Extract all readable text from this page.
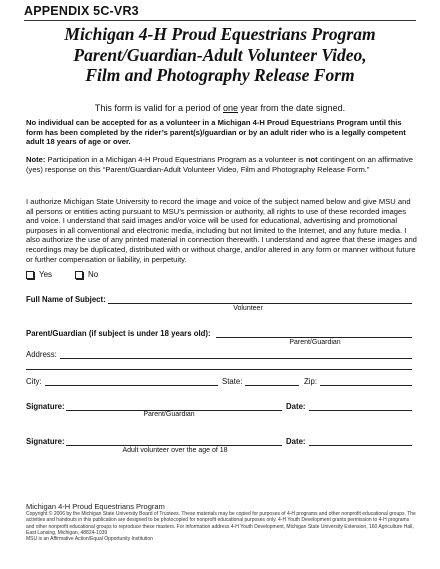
APPENDIX 5C-VR3
Michigan 4-H Proud Equestrians Program
Parent/Guardian-Adult Volunteer Video,
Film and Photography Release Form
This form is valid for a period of one year from the date signed.
No individual can be accepted for as a volunteer in a Michigan 4-H Proud Equestrians Program until this form has been completed by the rider’s parent(s)/guardian or by an adult rider who is a legally competent adult 18 years of age or over.
Note: Participation in a Michigan 4-H Proud Equestrians Program as a volunteer is not contingent on an affirmative (yes) response on this “Parent/Guardian-Adult Volunteer Video, Film and Photography Release Form.”
I authorize Michigan State University to record the image and voice of the subject named below and give MSU and all persons or entities acting pursuant to MSU’s permission or authority, all rights to use of these recorded images and voice. I understand that said images and/or voice will be used for educational, advertising and promotional purposes in all conventional and electronic media, including but not limited to the Internet, and any future media. I also authorize the use of any printed material in connection therewith. I understand and agree that these images and recordings may be duplicated, distributed with or without charge, and/or altered in any form or manner without future or further compensation or liability, in perpetuity.
Yes	No
Full Name of Subject:
Volunteer
Parent/Guardian (if subject is under 18 years old):
Parent/Guardian
Address:
City:	State:	Zip:
Signature:	Date:
Parent/Guardian
Signature:	Date:
Adult volunteer over the age of 18
Michigan 4-H Proud Equestrians Program
Copyright © 2006 by the Michigan State University Board of Trustees. These materials may be copied for purposes of 4-H programs and other nonprofit educational groups. The activities and handouts in this publication are designed to be photocopied for nonprofit educational purposes only. 4-H Youth Development grants permission to 4-H programs and other nonprofit educational groups to reproduce these masters. For information address 4-H Youth Development, Michigan State University Extension, 160 Agriculture Hall, East Lansing, Michigan, 48824-1039
MSU is an Affirmative Action/Equal Opportunity Institution
